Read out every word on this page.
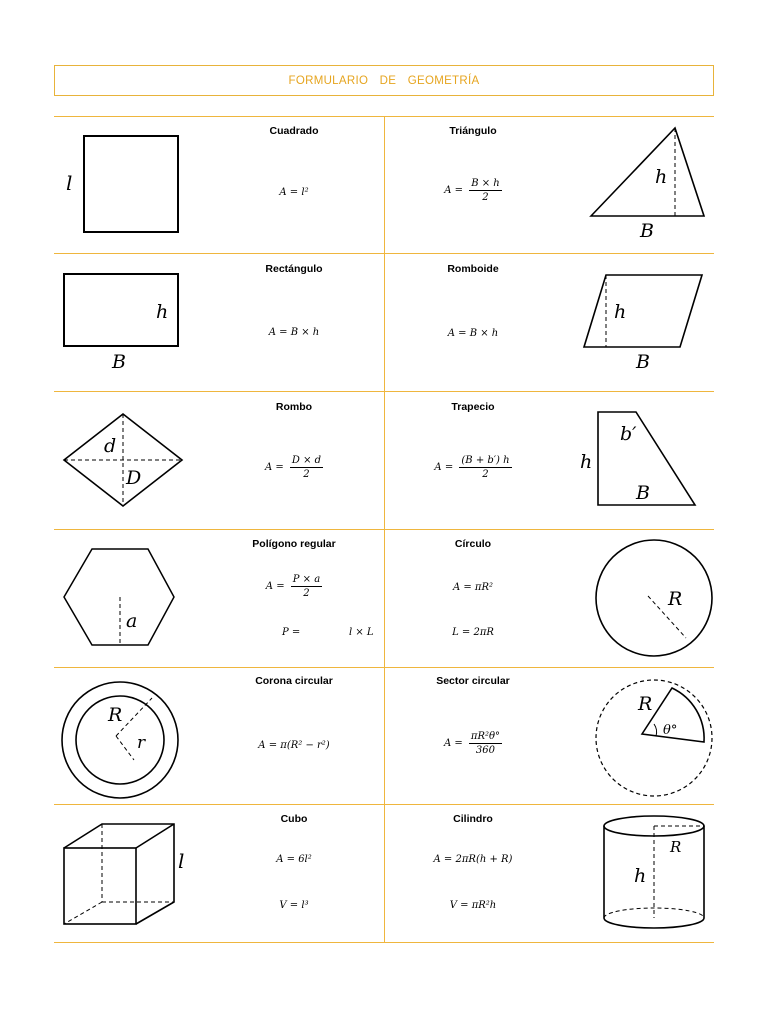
FORMULARIO DE GEOMETRÍA
Cuadrado
A = l²
l
Triángulo
$A = \frac{B \times h}{2}$
h
B
Rectángulo
A = B × h
h
B
Romboide
A = B × h
h
B
Rombo
$A = \frac{D \times d}{2}$
d
D
Trapecio
$A = \frac{(B + b') h}{2}$
b′
h
B
Polígono regular
$A = \frac{P \times a}{2}$
P =	l × L
a
Círculo
A = πR²
L = 2πR
R
Corona circular
A = π(R² − r²)
R
r
Sector circular
$A = \frac{\text{πR²θ°}}{360}$
R
θ°
Cubo
A = 6l²
V = l³
l
Cilindro
A = 2πR(h + R)
V = πR²h
R
h
